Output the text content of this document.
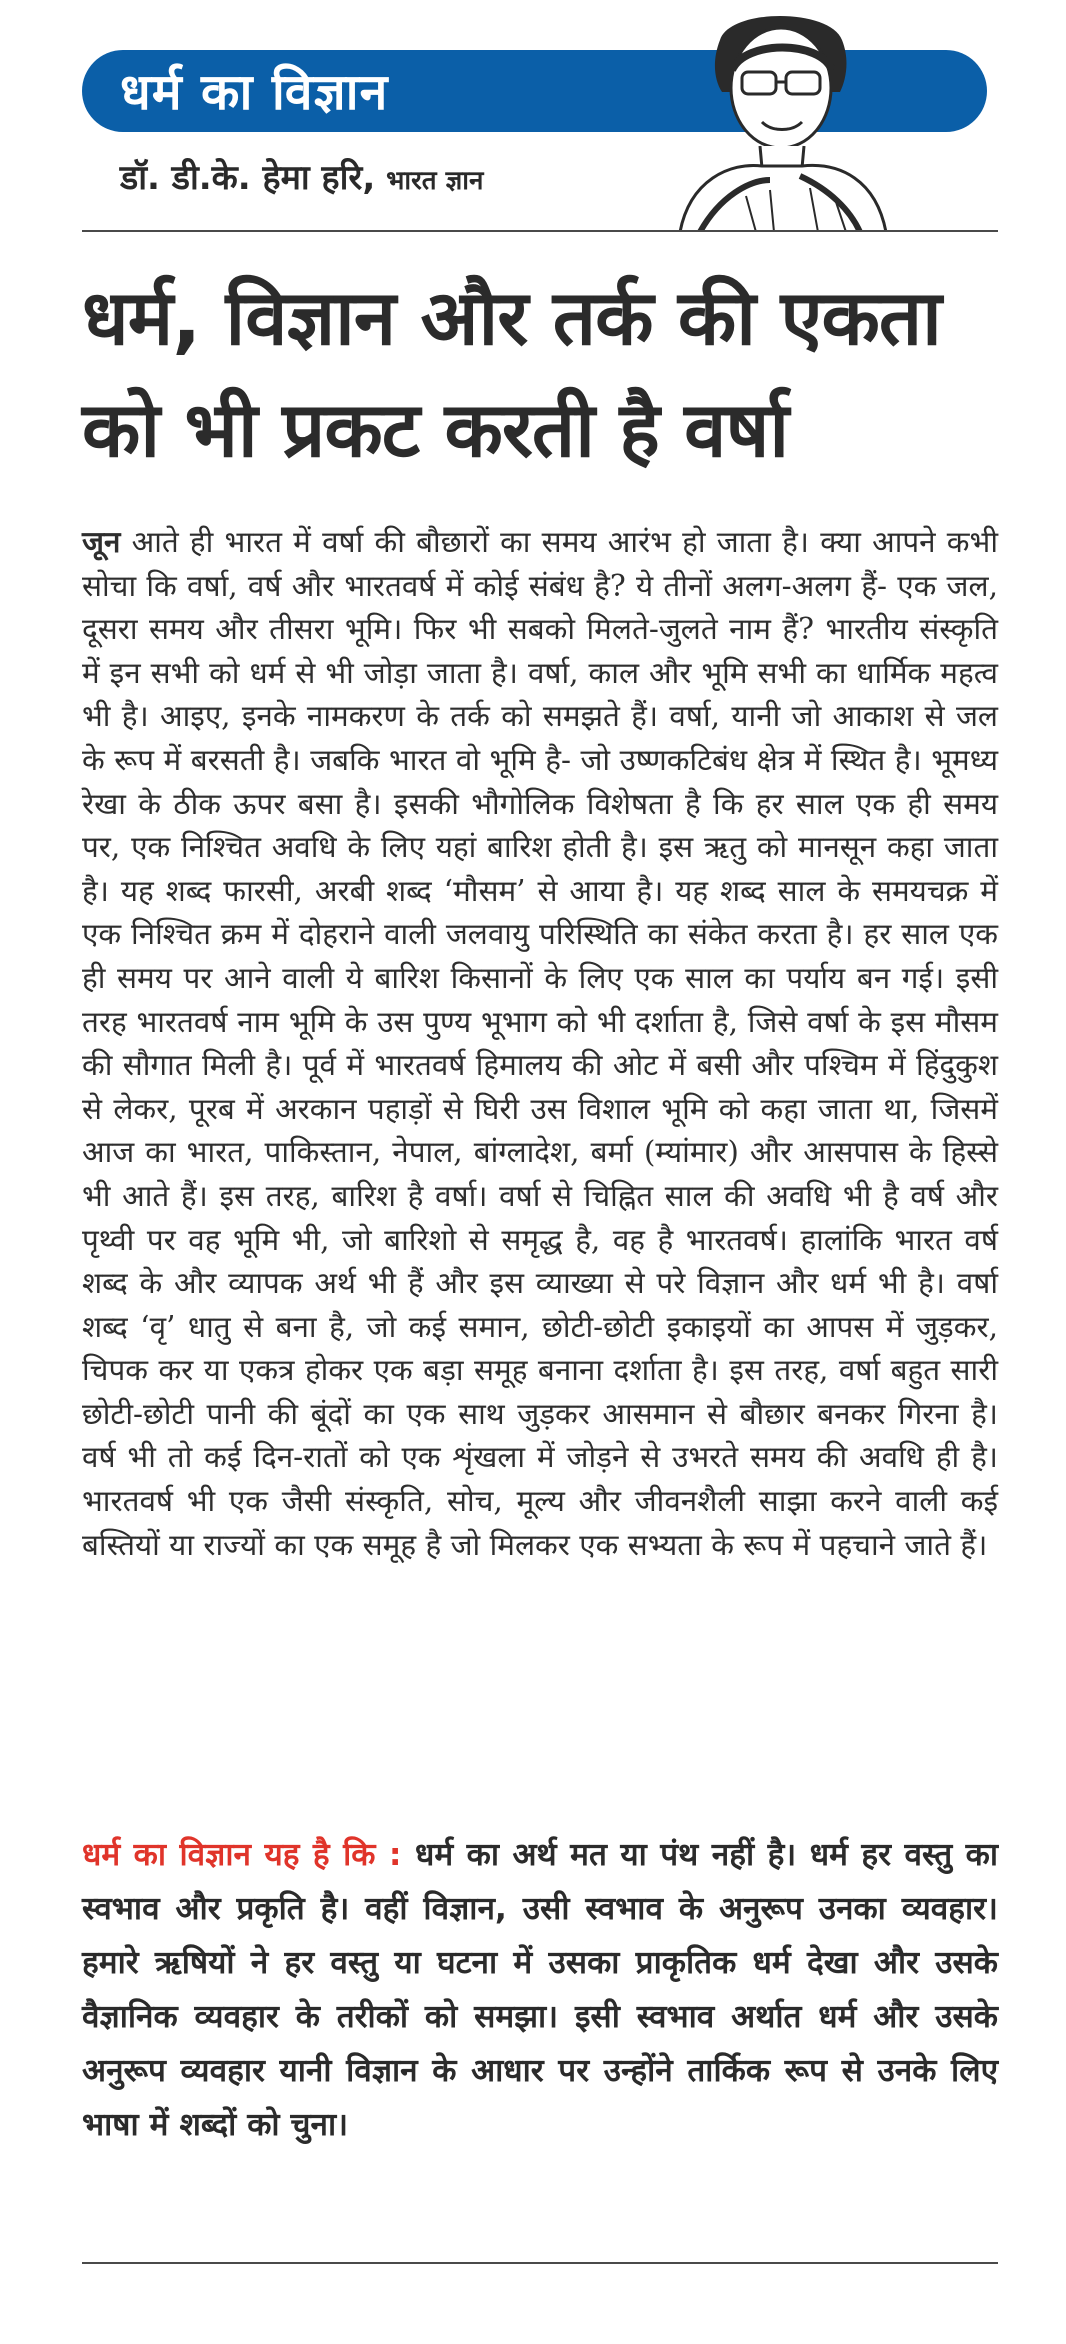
धर्म का विज्ञान
डॉ. डी.के. हेमा हरि, भारत ज्ञान
धर्म, विज्ञान और तर्क की एकता को भी प्रकट करती है वर्षा
जून आते ही भारत में वर्षा की बौछारों का समय आरंभ हो जाता है। क्या आपने कभी सोचा कि वर्षा, वर्ष और भारतवर्ष में कोई संबंध है? ये तीनों अलग-अलग हैं- एक जल, दूसरा समय और तीसरा भूमि। फिर भी सबको मिलते-जुलते नाम हैं? भारतीय संस्कृति में इन सभी को धर्म से भी जोड़ा जाता है। वर्षा, काल और भूमि सभी का धार्मिक महत्व भी है। आइए, इनके नामकरण के तर्क को समझते हैं। वर्षा, यानी जो आकाश से जल के रूप में बरसती है। जबकि भारत वो भूमि है- जो उष्णकटिबंध क्षेत्र में स्थित है। भूमध्य रेखा के ठीक ऊपर बसा है। इसकी भौगोलिक विशेषता है कि हर साल एक ही समय पर, एक निश्चित अवधि के लिए यहां बारिश होती है। इस ऋतु को मानसून कहा जाता है। यह शब्द फारसी, अरबी शब्द ‘मौसम’ से आया है। यह शब्द साल के समयचक्र में एक निश्चित क्रम में दोहराने वाली जलवायु परिस्थिति का संकेत करता है। हर साल एक ही समय पर आने वाली ये बारिश किसानों के लिए एक साल का पर्याय बन गई। इसी तरह भारतवर्ष नाम भूमि के उस पुण्य भूभाग को भी दर्शाता है, जिसे वर्षा के इस मौसम की सौगात मिली है। पूर्व में भारतवर्ष हिमालय की ओट में बसी और पश्चिम में हिंदुकुश से लेकर, पूरब में अरकान पहाड़ों से घिरी उस विशाल भूमि को कहा जाता था, जिसमें आज का भारत, पाकिस्तान, नेपाल, बांग्लादेश, बर्मा (म्यांमार) और आसपास के हिस्से भी आते हैं। इस तरह, बारिश है वर्षा। वर्षा से चिह्नित साल की अवधि भी है वर्ष और पृथ्वी पर वह भूमि भी, जो बारिशो से समृद्ध है, वह है भारतवर्ष। हालांकि भारत वर्ष शब्द के और व्यापक अर्थ भी हैं और इस व्याख्या से परे विज्ञान और धर्म भी है। वर्षा शब्द ‘वृ’ धातु से बना है, जो कई समान, छोटी-छोटी इकाइयों का आपस में जुड़कर, चिपक कर या एकत्र होकर एक बड़ा समूह बनाना दर्शाता है। इस तरह, वर्षा बहुत सारी छोटी-छोटी पानी की बूंदों का एक साथ जुड़कर आसमान से बौछार बनकर गिरना है। वर्ष भी तो कई दिन-रातों को एक शृंखला में जोड़ने से उभरते समय की अवधि ही है। भारतवर्ष भी एक जैसी संस्कृति, सोच, मूल्य और जीवनशैली साझा करने वाली कई बस्तियों या राज्यों का एक समूह है जो मिलकर एक सभ्यता के रूप में पहचाने जाते हैं।
धर्म का विज्ञान यह है कि : धर्म का अर्थ मत या पंथ नहीं है। धर्म हर वस्तु का स्वभाव और प्रकृति है। वहीं विज्ञान, उसी स्वभाव के अनुरूप उनका व्यवहार। हमारे ऋषियों ने हर वस्तु या घटना में उसका प्राकृतिक धर्म देखा और उसके वैज्ञानिक व्यवहार के तरीकों को समझा। इसी स्वभाव अर्थात धर्म और उसके अनुरूप व्यवहार यानी विज्ञान के आधार पर उन्होंने तार्किक रूप से उनके लिए भाषा में शब्दों को चुना।
